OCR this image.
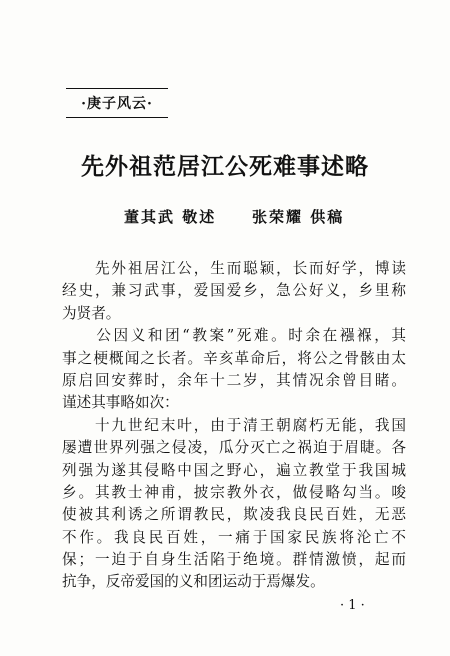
·庚子风云·
先外祖范居江公死难事述略
董其武 敬述 张荣耀 供稿
　　先外祖居江公，生而聪颖，长而好学，博读
经史，兼习武事，爱国爱乡，急公好义，乡里称
为贤者。
　　公因义和团“教案”死难。时余在襁褓，其
事之梗概闻之长者。辛亥革命后，将公之骨骸由太
原启回安葬时，余年十二岁，其情况余曾目睹。
谨述其事略如次：
　　十九世纪末叶，由于清王朝腐朽无能，我国
屡遭世界列强之侵凌，瓜分灭亡之祸迫于眉睫。各
列强为遂其侵略中国之野心，遍立教堂于我国城
乡。其教士神甫，披宗教外衣，做侵略勾当。唆
使被其利诱之所谓教民，欺凌我良民百姓，无恶
不作。我良民百姓，一痛于国家民族将沦亡不
保；一迫于自身生活陷于绝境。群情激愤，起而
抗争，反帝爱国的义和团运动于焉爆发。
· 1 ·
